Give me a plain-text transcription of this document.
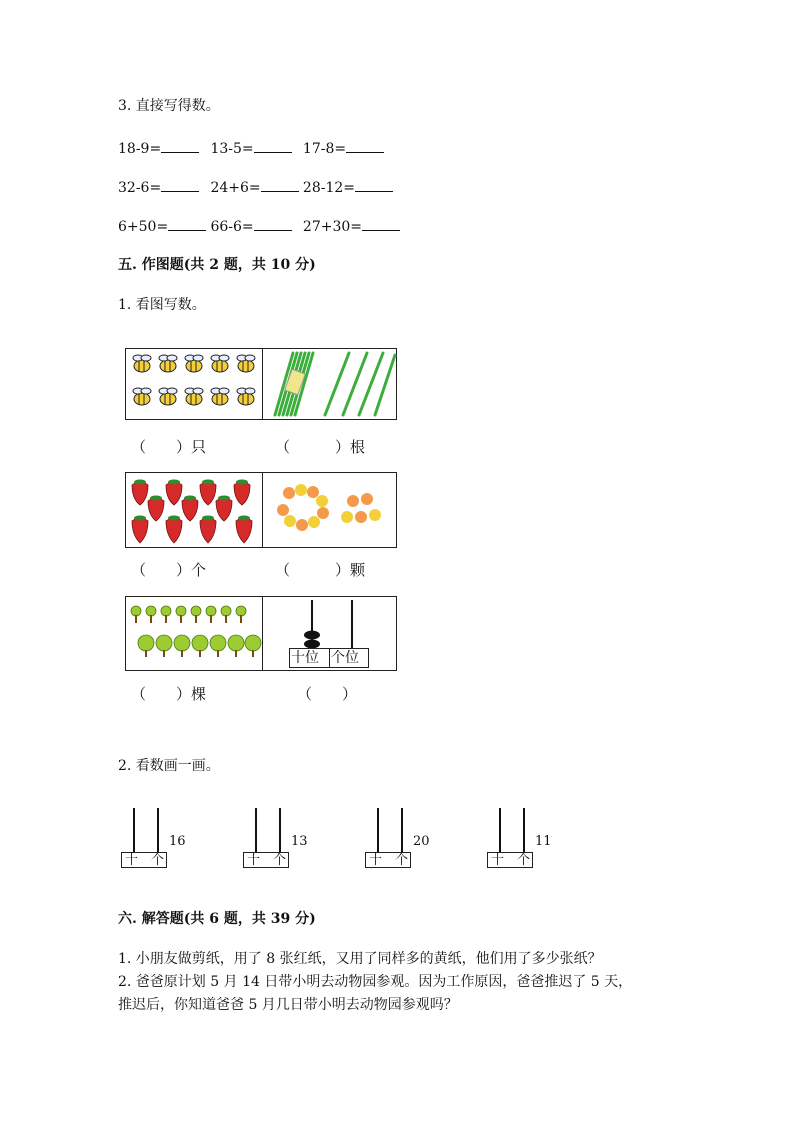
3. 直接写得数。
18-9=	13-5=	17-8=
32-6=	24+6=	28-12=
6+50=	66-6=	27+30=
五. 作图题(共 2 题，共 10 分)
1. 看图写数。
（　　）只	（　　　）根
（　　）个	（　　　）颗
十位 个位
（　　）棵	（　　）
2. 看数画一画。
16
十 个
13
十 个
20
十 个
11
十 个
六. 解答题(共 6 题，共 39 分)
1. 小朋友做剪纸，用了 8 张红纸，又用了同样多的黄纸，他们用了多少张纸？
2. 爸爸原计划 5 月 14 日带小明去动物园参观。因为工作原因，爸爸推迟了 5 天，
推迟后，你知道爸爸 5 月几日带小明去动物园参观吗？
